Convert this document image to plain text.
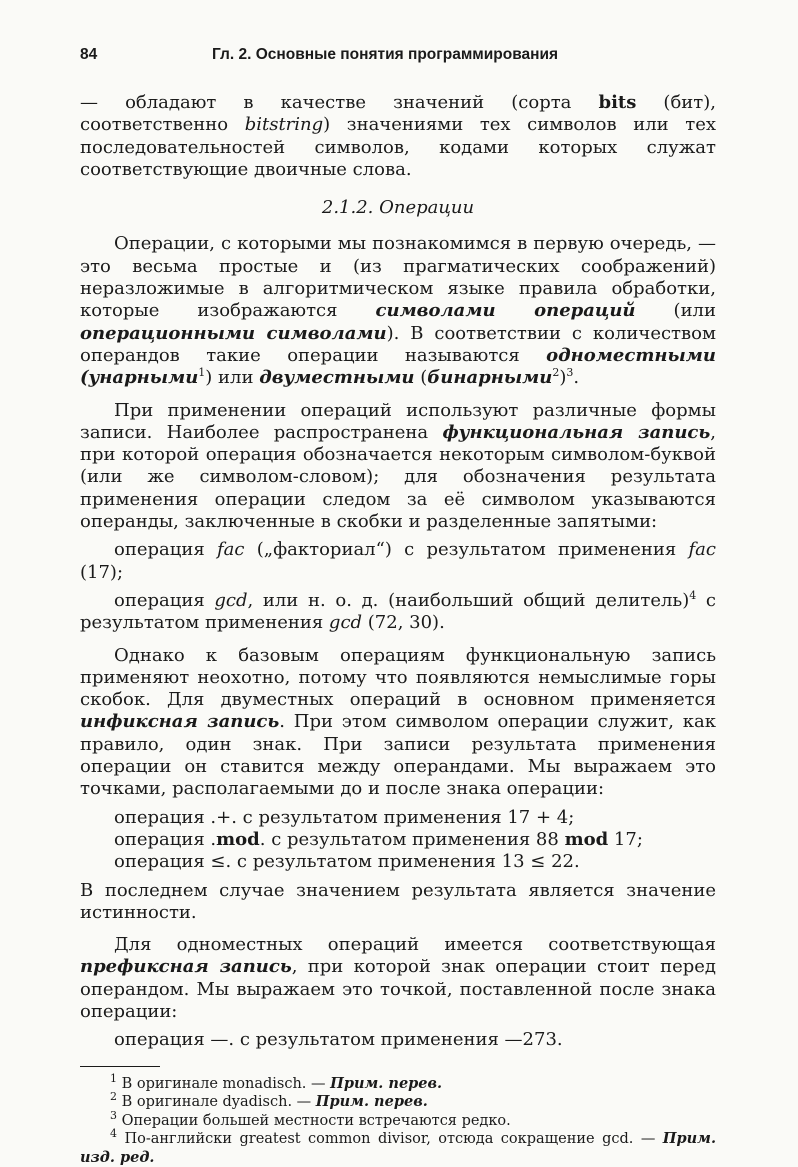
84	Гл. 2. Основные понятия программирования

— обладают в качестве значений (сорта bits (бит), соответственно bitstring) значениями тех символов или тех последовательностей символов, кодами которых служат соответствующие двоичные слова.

2.1.2. Операции

Операции, с которыми мы познакомимся в первую очередь, — это весьма простые и (из прагматических соображений) неразложимые в алгоритмическом языке правила обработки, которые изображаются символами операций (или операционными символами). В соответствии с количеством операндов такие операции называются одноместными (унарными$^1$) или двуместными (бинарными$^2$)$^3$.

При применении операций используют различные формы записи. Наиболее распространена функциональная запись, при которой операция обозначается некоторым символом-буквой (или же символом-словом); для обозначения результата применения операции следом за её символом указываются операнды, заключенные в скобки и разделенные запятыми:

операция fac („факториал“) с результатом применения fac (17);

операция gcd, или н. о. д. (наибольший общий делитель)$^4$ с результатом применения gcd (72, 30).

Однако к базовым операциям функциональную запись применяют неохотно, потому что появляются немыслимые горы скобок. Для двуместных операций в основном применяется инфиксная запись. При этом символом операции служит, как правило, один знак. При записи результата применения операции он ставится между операндами. Мы выражаем это точками, располагаемыми до и после знака операции:

операция .+. с результатом применения 17 + 4;

операция .mod. с результатом применения 88 mod 17;

операция ≤. с результатом применения 13 ≤ 22.

В последнем случае значением результата является значение истинности.

Для одноместных операций имеется соответствующая префиксная запись, при которой знак операции стоит перед операндом. Мы выражаем это точкой, поставленной после знака операции:

операция —. с результатом применения —273.

$^1$ В оригинале monadisch. — Прим. перев.

$^2$ В оригинале dyadisch. — Прим. перев.

$^3$ Операции большей местности встречаются редко.

$^4$ По-английски greatest common divisor, отсюда сокращение gcd. — Прим. изд. ред.
